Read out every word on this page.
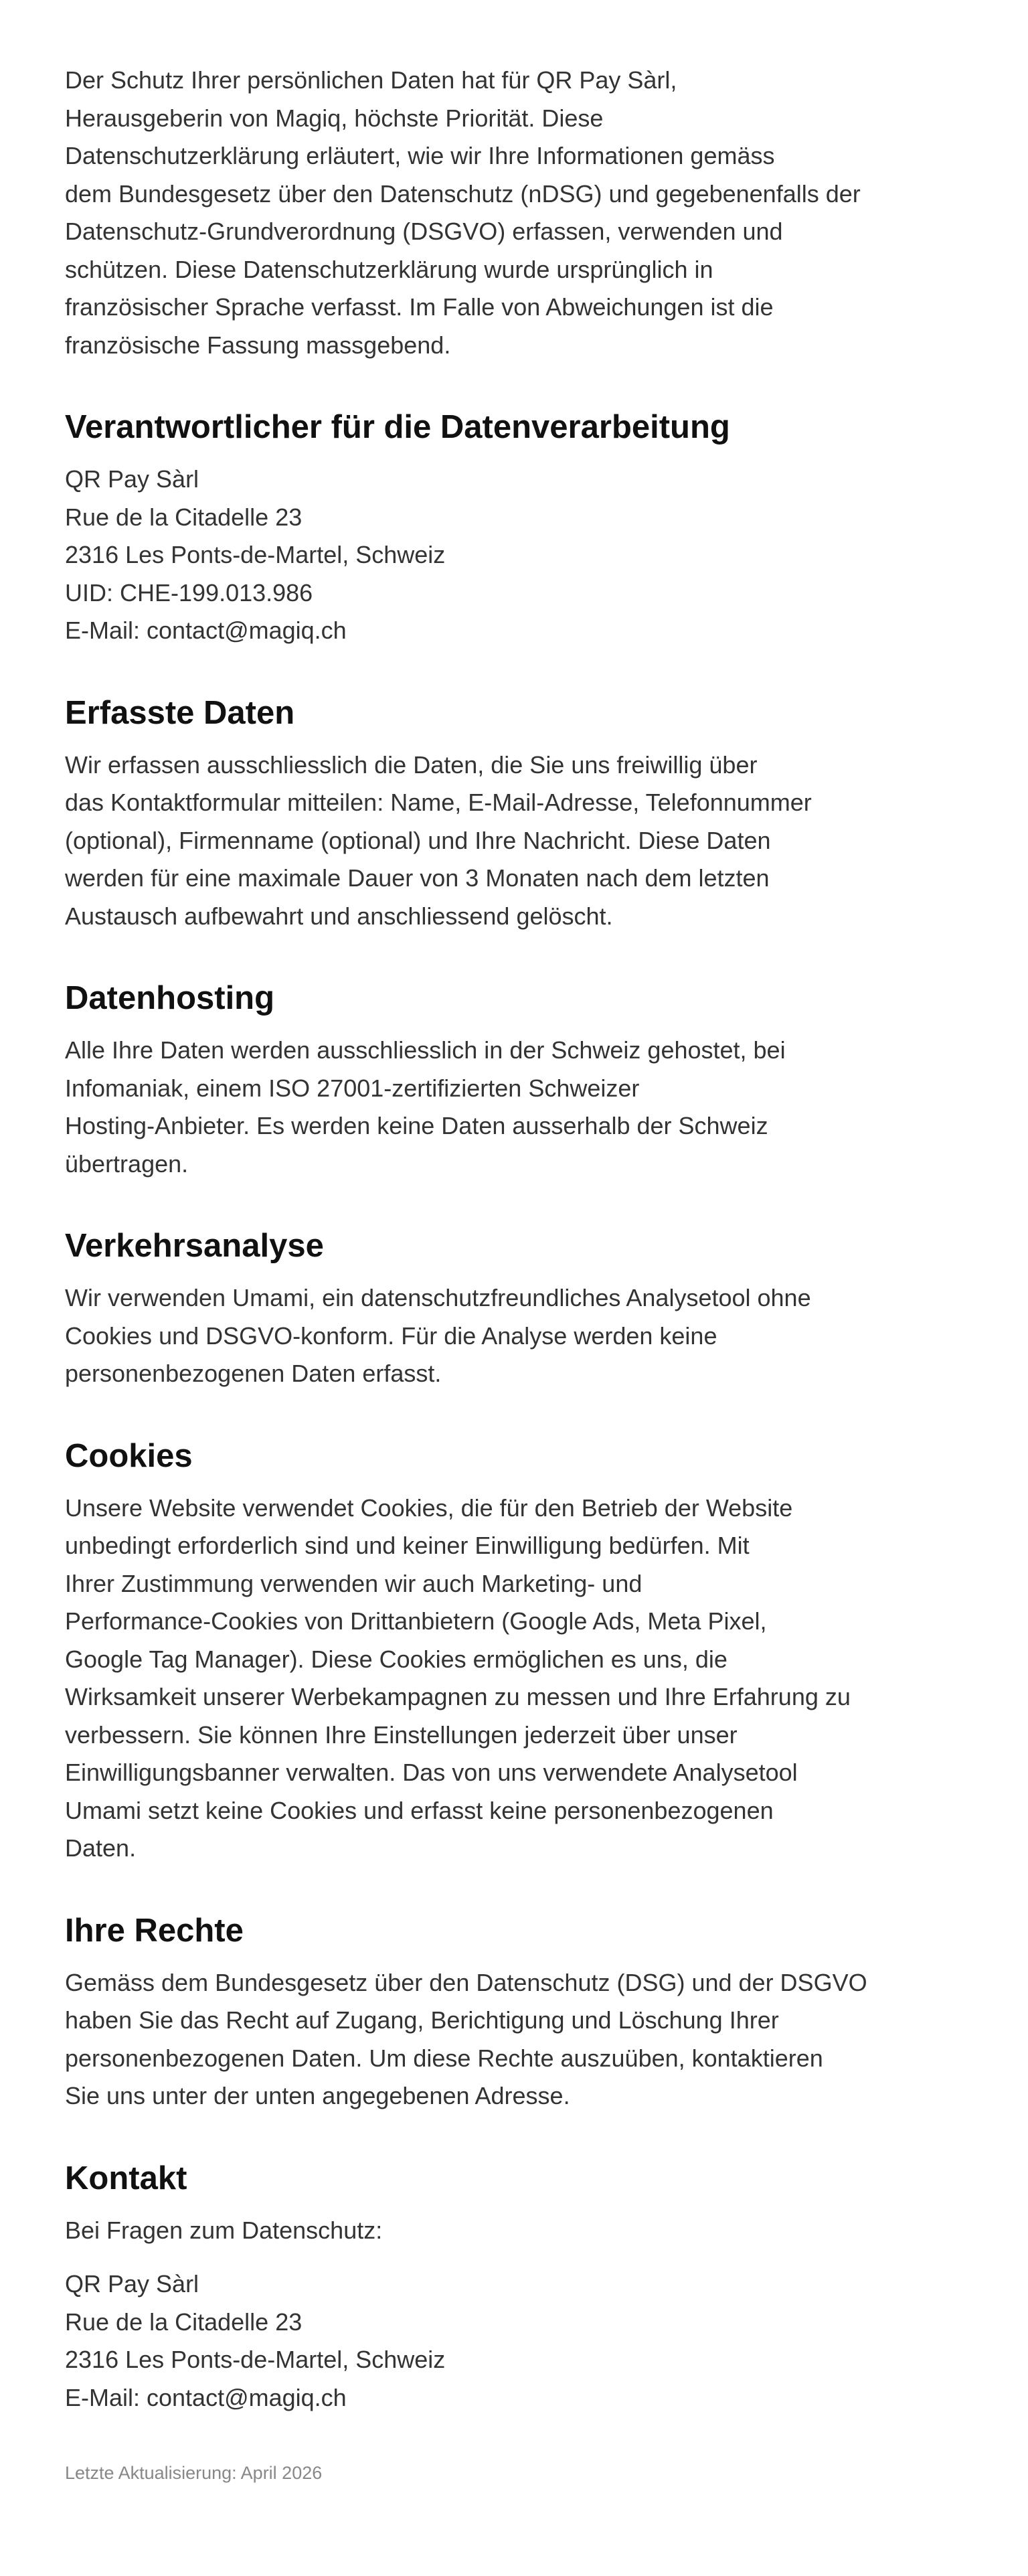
Der Schutz Ihrer persönlichen Daten hat für QR Pay Sàrl,
Herausgeberin von Magiq, höchste Priorität. Diese
Datenschutzerklärung erläutert, wie wir Ihre Informationen gemäss
dem Bundesgesetz über den Datenschutz (nDSG) und gegebenenfalls der
Datenschutz-Grundverordnung (DSGVO) erfassen, verwenden und
schützen. Diese Datenschutzerklärung wurde ursprünglich in
französischer Sprache verfasst. Im Falle von Abweichungen ist die
französische Fassung massgebend.

Verantwortlicher für die Datenverarbeitung

QR Pay Sàrl
Rue de la Citadelle 23
2316 Les Ponts-de-Martel, Schweiz
UID: CHE-199.013.986
E-Mail: contact@magiq.ch

Erfasste Daten

Wir erfassen ausschliesslich die Daten, die Sie uns freiwillig über
das Kontaktformular mitteilen: Name, E-Mail-Adresse, Telefonnummer
(optional), Firmenname (optional) und Ihre Nachricht. Diese Daten
werden für eine maximale Dauer von 3 Monaten nach dem letzten
Austausch aufbewahrt und anschliessend gelöscht.

Datenhosting

Alle Ihre Daten werden ausschliesslich in der Schweiz gehostet, bei
Infomaniak, einem ISO 27001-zertifizierten Schweizer
Hosting-Anbieter. Es werden keine Daten ausserhalb der Schweiz
übertragen.

Verkehrsanalyse

Wir verwenden Umami, ein datenschutzfreundliches Analysetool ohne
Cookies und DSGVO-konform. Für die Analyse werden keine
personenbezogenen Daten erfasst.

Cookies

Unsere Website verwendet Cookies, die für den Betrieb der Website
unbedingt erforderlich sind und keiner Einwilligung bedürfen. Mit
Ihrer Zustimmung verwenden wir auch Marketing- und
Performance-Cookies von Drittanbietern (Google Ads, Meta Pixel,
Google Tag Manager). Diese Cookies ermöglichen es uns, die
Wirksamkeit unserer Werbekampagnen zu messen und Ihre Erfahrung zu
verbessern. Sie können Ihre Einstellungen jederzeit über unser
Einwilligungsbanner verwalten. Das von uns verwendete Analysetool
Umami setzt keine Cookies und erfasst keine personenbezogenen
Daten.

Ihre Rechte

Gemäss dem Bundesgesetz über den Datenschutz (DSG) und der DSGVO
haben Sie das Recht auf Zugang, Berichtigung und Löschung Ihrer
personenbezogenen Daten. Um diese Rechte auszuüben, kontaktieren
Sie uns unter der unten angegebenen Adresse.

Kontakt

Bei Fragen zum Datenschutz:

QR Pay Sàrl
Rue de la Citadelle 23
2316 Les Ponts-de-Martel, Schweiz
E-Mail: contact@magiq.ch

Letzte Aktualisierung: April 2026
